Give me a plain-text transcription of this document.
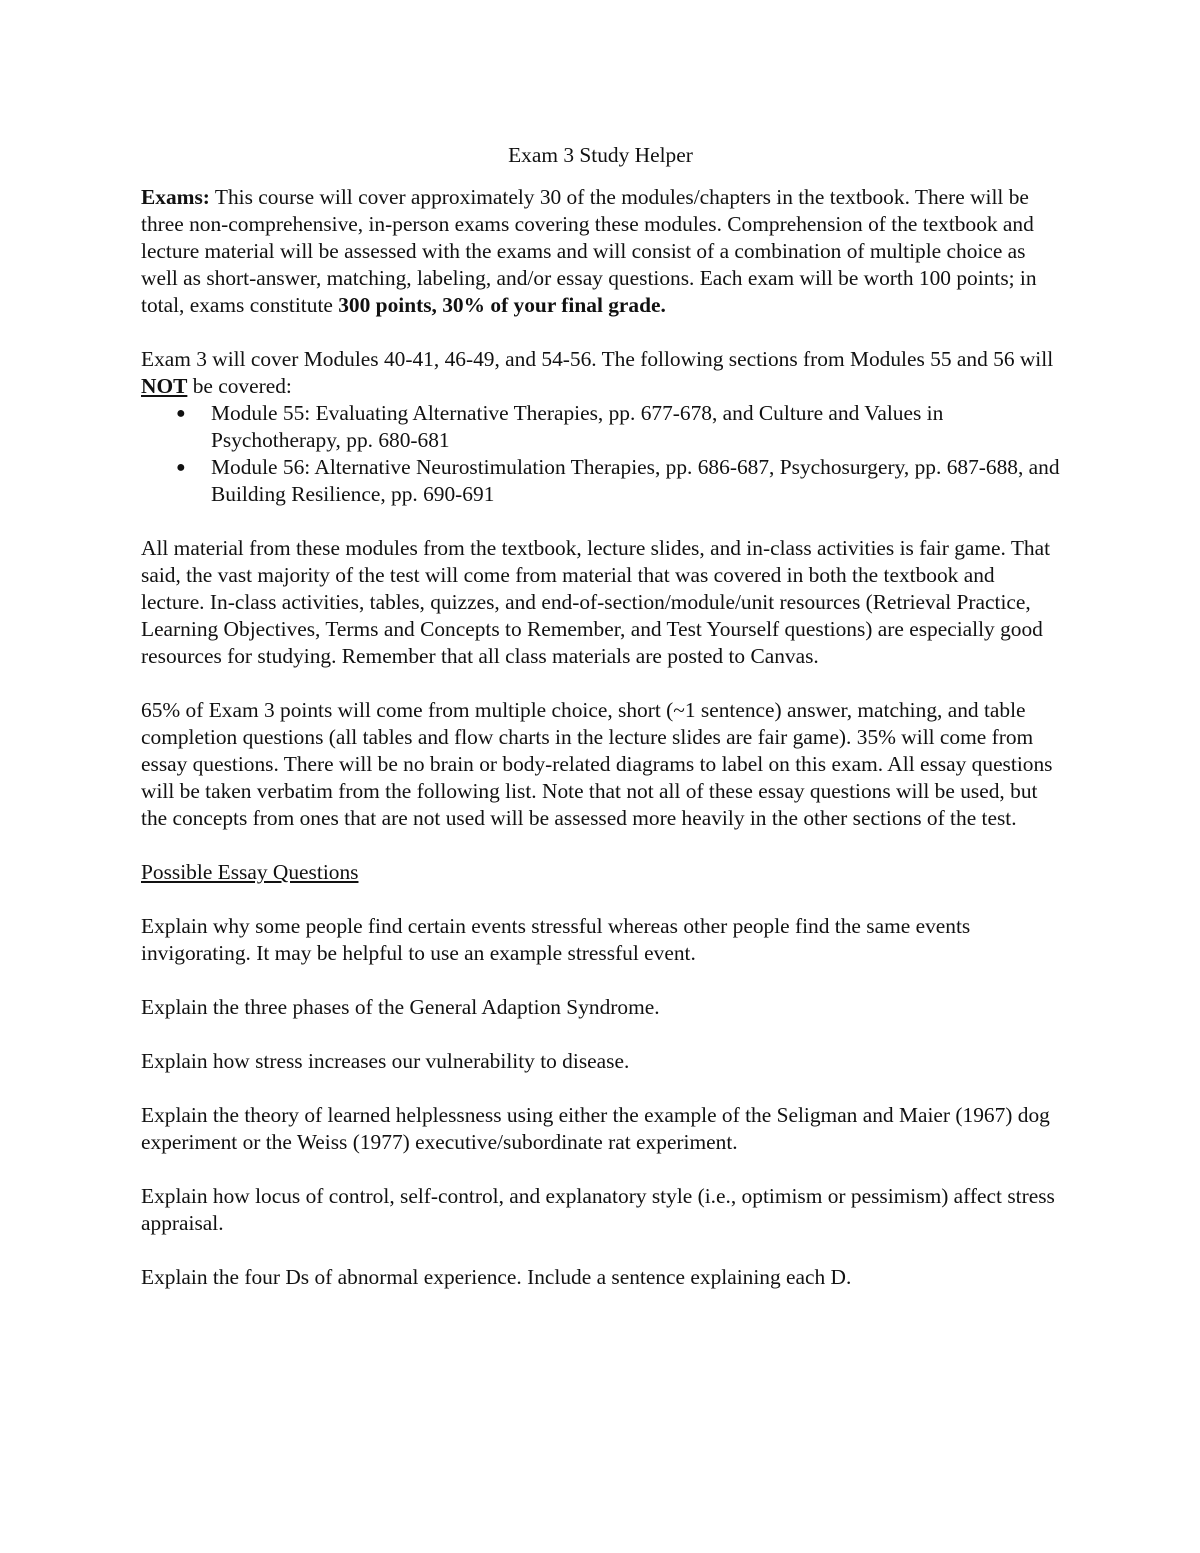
Exam 3 Study Helper

Exams: This course will cover approximately 30 of the modules/chapters in the textbook. There will be three non-comprehensive, in-person exams covering these modules. Comprehension of the textbook and lecture material will be assessed with the exams and will consist of a combination of multiple choice as well as short-answer, matching, labeling, and/or essay questions. Each exam will be worth 100 points; in total, exams constitute 300 points, 30% of your final grade.

Exam 3 will cover Modules 40-41, 46-49, and 54-56. The following sections from Modules 55 and 56 will NOT be covered:

● Module 55: Evaluating Alternative Therapies, pp. 677-678, and Culture and Values in Psychotherapy, pp. 680-681
● Module 56: Alternative Neurostimulation Therapies, pp. 686-687, Psychosurgery, pp. 687-688, and Building Resilience, pp. 690-691

All material from these modules from the textbook, lecture slides, and in-class activities is fair game. That said, the vast majority of the test will come from material that was covered in both the textbook and lecture. In-class activities, tables, quizzes, and end-of-section/module/unit resources (Retrieval Practice, Learning Objectives, Terms and Concepts to Remember, and Test Yourself questions) are especially good resources for studying. Remember that all class materials are posted to Canvas.

65% of Exam 3 points will come from multiple choice, short (~1 sentence) answer, matching, and table completion questions (all tables and flow charts in the lecture slides are fair game). 35% will come from essay questions. There will be no brain or body-related diagrams to label on this exam. All essay questions will be taken verbatim from the following list. Note that not all of these essay questions will be used, but the concepts from ones that are not used will be assessed more heavily in the other sections of the test.

Possible Essay Questions

Explain why some people find certain events stressful whereas other people find the same events invigorating. It may be helpful to use an example stressful event.

Explain the three phases of the General Adaption Syndrome.

Explain how stress increases our vulnerability to disease.

Explain the theory of learned helplessness using either the example of the Seligman and Maier (1967) dog experiment or the Weiss (1977) executive/subordinate rat experiment.

Explain how locus of control, self-control, and explanatory style (i.e., optimism or pessimism) affect stress appraisal.

Explain the four Ds of abnormal experience. Include a sentence explaining each D.
